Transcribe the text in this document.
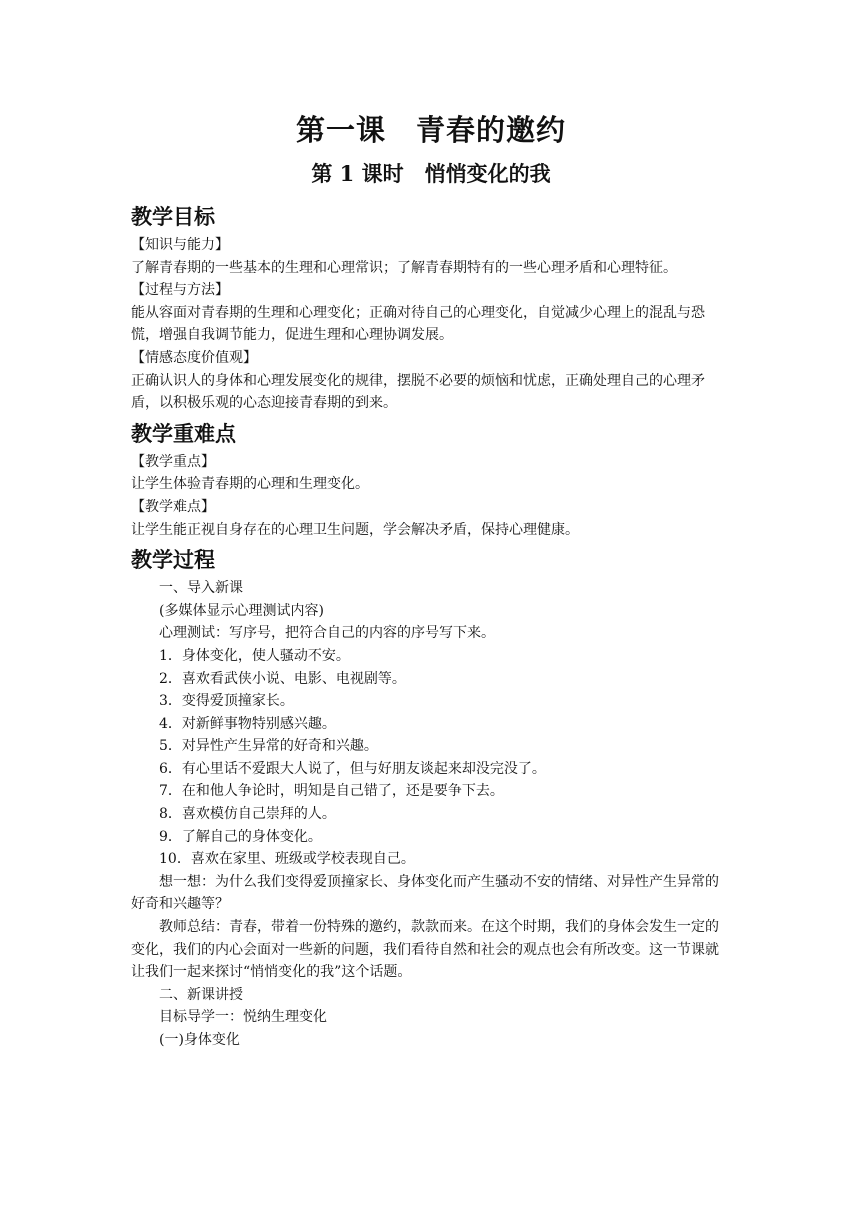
第一课　青春的邀约
第 1 课时　悄悄变化的我
教学目标

【知识与能力】

了解青春期的一些基本的生理和心理常识；了解青春期特有的一些心理矛盾和心理特征。

【过程与方法】

能从容面对青春期的生理和心理变化；正确对待自己的心理变化，自觉减少心理上的混乱与恐慌，增强自我调节能力，促进生理和心理协调发展。

【情感态度价值观】

正确认识人的身体和心理发展变化的规律，摆脱不必要的烦恼和忧虑，正确处理自己的心理矛盾，以积极乐观的心态迎接青春期的到来。

教学重难点

【教学重点】

让学生体验青春期的心理和生理变化。

【教学难点】

让学生能正视自身存在的心理卫生问题，学会解决矛盾，保持心理健康。

教学过程

一、导入新课

(多媒体显示心理测试内容)

心理测试：写序号，把符合自己的内容的序号写下来。

1．身体变化，使人骚动不安。

2．喜欢看武侠小说、电影、电视剧等。

3．变得爱顶撞家长。

4．对新鲜事物特别感兴趣。

5．对异性产生异常的好奇和兴趣。

6．有心里话不爱跟大人说了，但与好朋友谈起来却没完没了。

7．在和他人争论时，明知是自己错了，还是要争下去。

8．喜欢模仿自己崇拜的人。

9．了解自己的身体变化。

10．喜欢在家里、班级或学校表现自己。

想一想：为什么我们变得爱顶撞家长、身体变化而产生骚动不安的情绪、对异性产生异常的好奇和兴趣等？

教师总结：青春，带着一份特殊的邀约，款款而来。在这个时期，我们的身体会发生一定的变化，我们的内心会面对一些新的问题，我们看待自然和社会的观点也会有所改变。这一节课就让我们一起来探讨“悄悄变化的我”这个话题。

二、新课讲授

目标导学一：悦纳生理变化

(一)身体变化
